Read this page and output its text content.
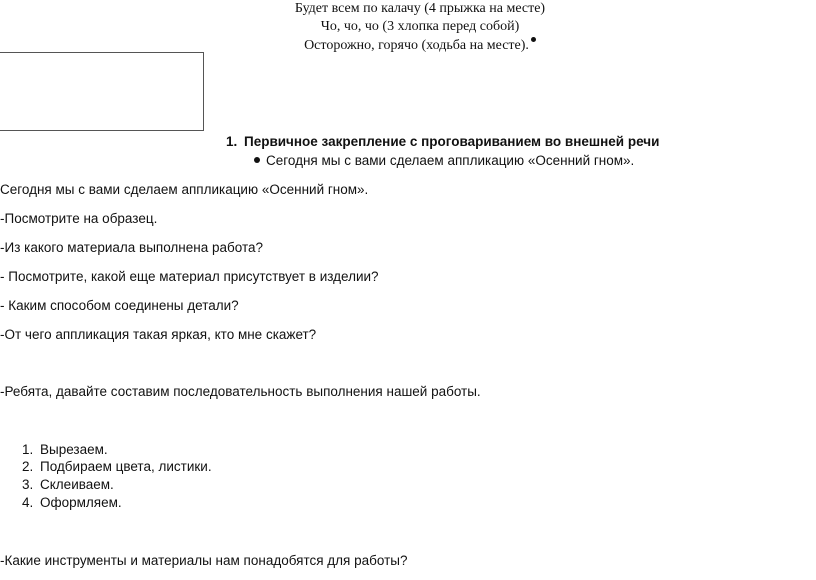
Будет всем по калачу (4 прыжка на месте)
Чо, чо, чо (3 хлопка перед собой)
Осторожно, горячо (ходьба на месте).
1. Первичное закрепление с проговариванием во внешней речи
Сегодня мы с вами сделаем аппликацию «Осенний гном».
Сегодня мы с вами сделаем аппликацию «Осенний гном».
-Посмотрите на образец.
-Из какого материала выполнена работа?
- Посмотрите, какой еще материал присутствует в изделии?
- Каким способом соединены детали?
-От чего аппликация такая яркая, кто мне скажет?
-Ребята, давайте составим последовательность выполнения нашей работы.
1. Вырезаем.
2. Подбираем цвета, листики.
3. Склеиваем.
4. Оформляем.
-Какие инструменты и материалы нам понадобятся для работы?
